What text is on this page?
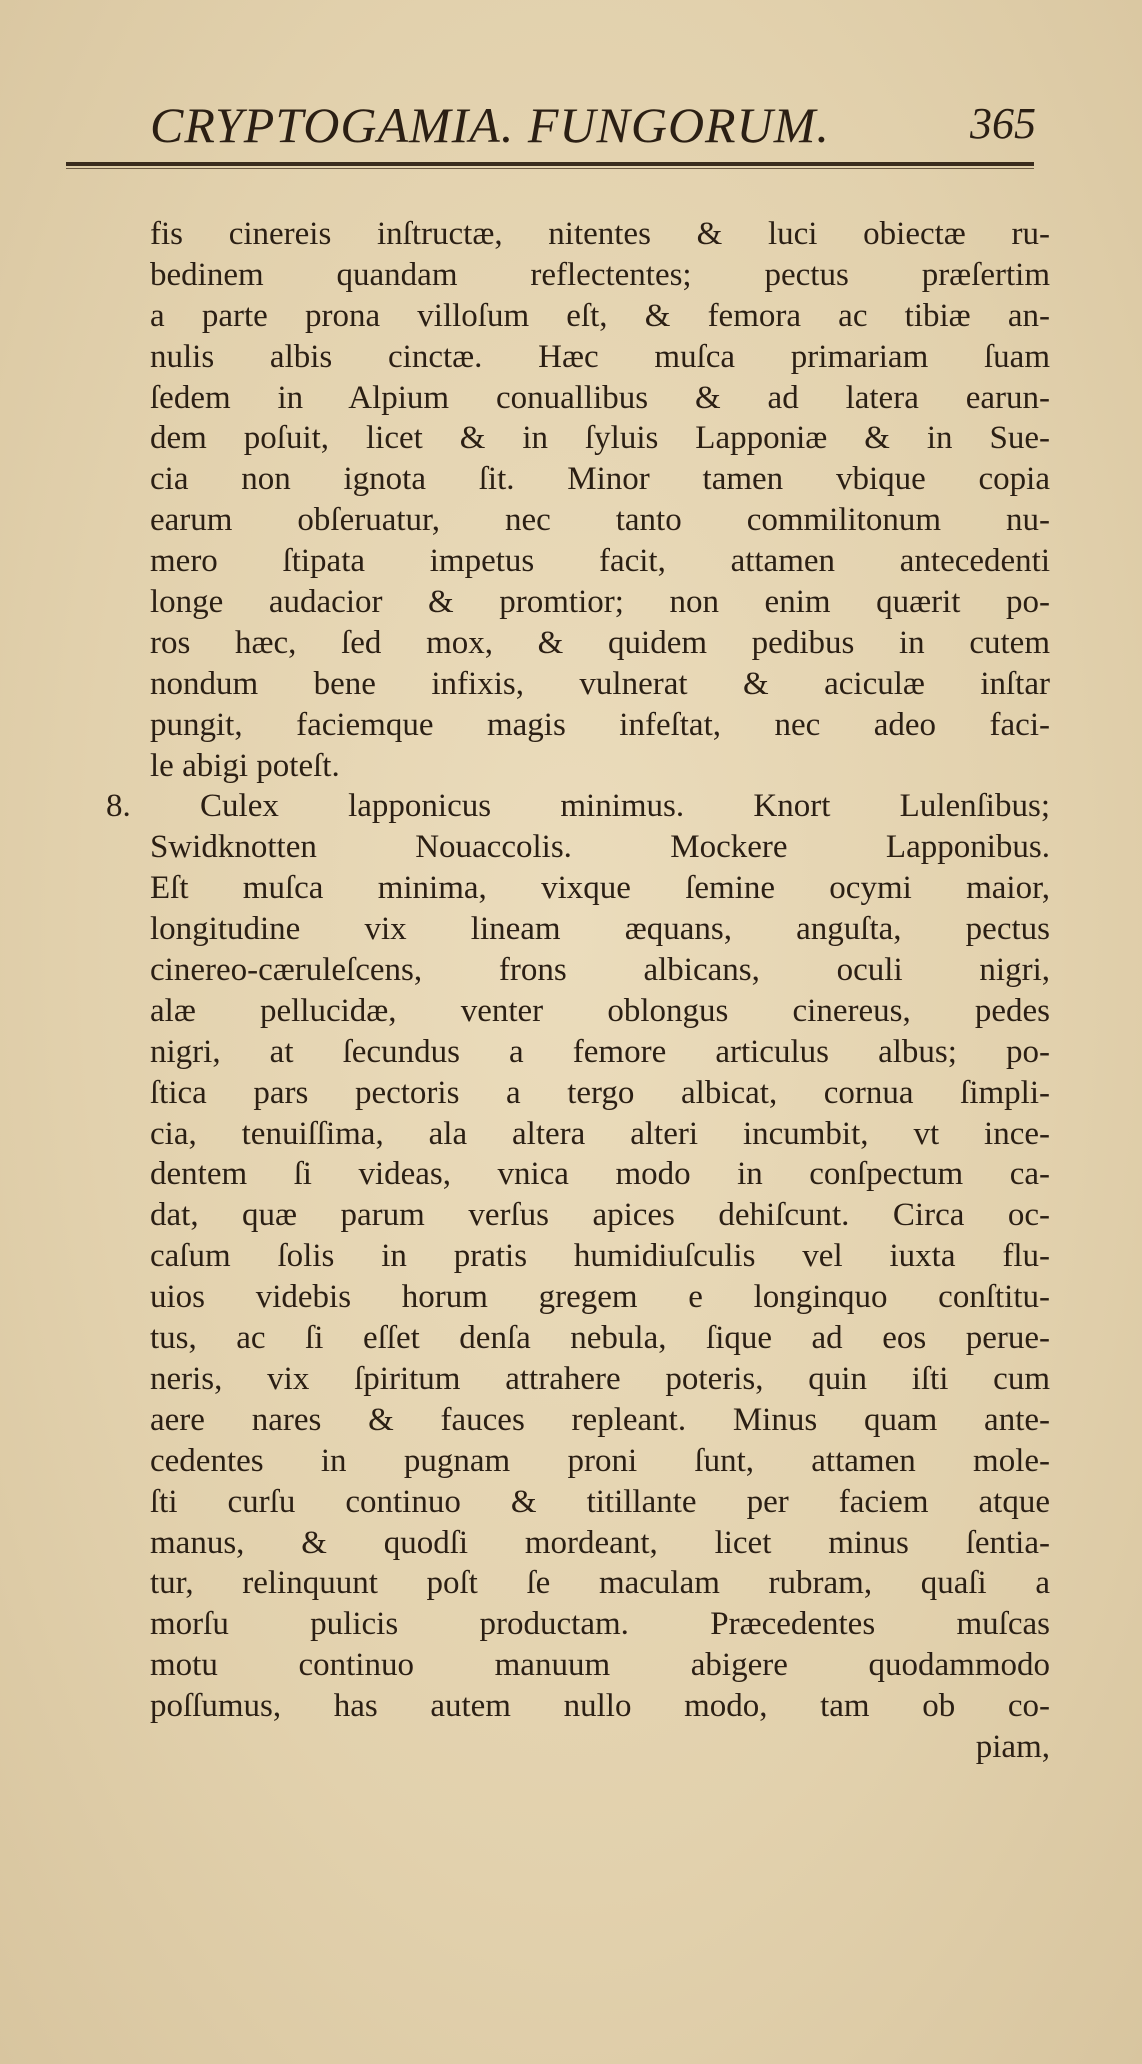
CRYPTOGAMIA. FUNGORUM.	365
fis cinereis inſtructæ, nitentes & luci obiectæ ru-
bedinem quandam reflectentes; pectus præſertim
a parte prona villoſum eſt, & femora ac tibiæ an-
nulis albis cinctæ. Hæc muſca primariam ſuam
ſedem in Alpium conuallibus & ad latera earun-
dem poſuit, licet & in ſyluis Lapponiæ & in Sue-
cia non ignota ſit. Minor tamen vbique copia
earum obſeruatur, nec tanto commilitonum nu-
mero ſtipata impetus facit, attamen antecedenti
longe audacior & promtior; non enim quærit po-
ros hæc, ſed mox, & quidem pedibus in cutem
nondum bene infixis, vulnerat & aciculæ inſtar
pungit, faciemque magis infeſtat, nec adeo faci-
le abigi poteſt.
8. Culex lapponicus minimus. Knort Lulenſibus;
Swidknotten Nouaccolis. Mockere Lapponibus.
Eſt muſca minima, vixque ſemine ocymi maior,
longitudine vix lineam æquans, anguſta, pectus
cinereo-cæruleſcens, frons albicans, oculi nigri,
alæ pellucidæ, venter oblongus cinereus, pedes
nigri, at ſecundus a femore articulus albus; po-
ſtica pars pectoris a tergo albicat, cornua ſimpli-
cia, tenuiſſima, ala altera alteri incumbit, vt ince-
dentem ſi videas, vnica modo in conſpectum ca-
dat, quæ parum verſus apices dehiſcunt. Circa oc-
caſum ſolis in pratis humidiuſculis vel iuxta flu-
uios videbis horum gregem e longinquo conſtitu-
tus, ac ſi eſſet denſa nebula, ſique ad eos perue-
neris, vix ſpiritum attrahere poteris, quin iſti cum
aere nares & fauces repleant. Minus quam ante-
cedentes in pugnam proni ſunt, attamen mole-
ſti curſu continuo & titillante per faciem atque
manus, & quodſi mordeant, licet minus ſentia-
tur, relinquunt poſt ſe maculam rubram, quaſi a
morſu pulicis productam. Præcedentes muſcas
motu continuo manuum abigere quodammodo
poſſumus, has autem nullo modo, tam ob co-
piam,
